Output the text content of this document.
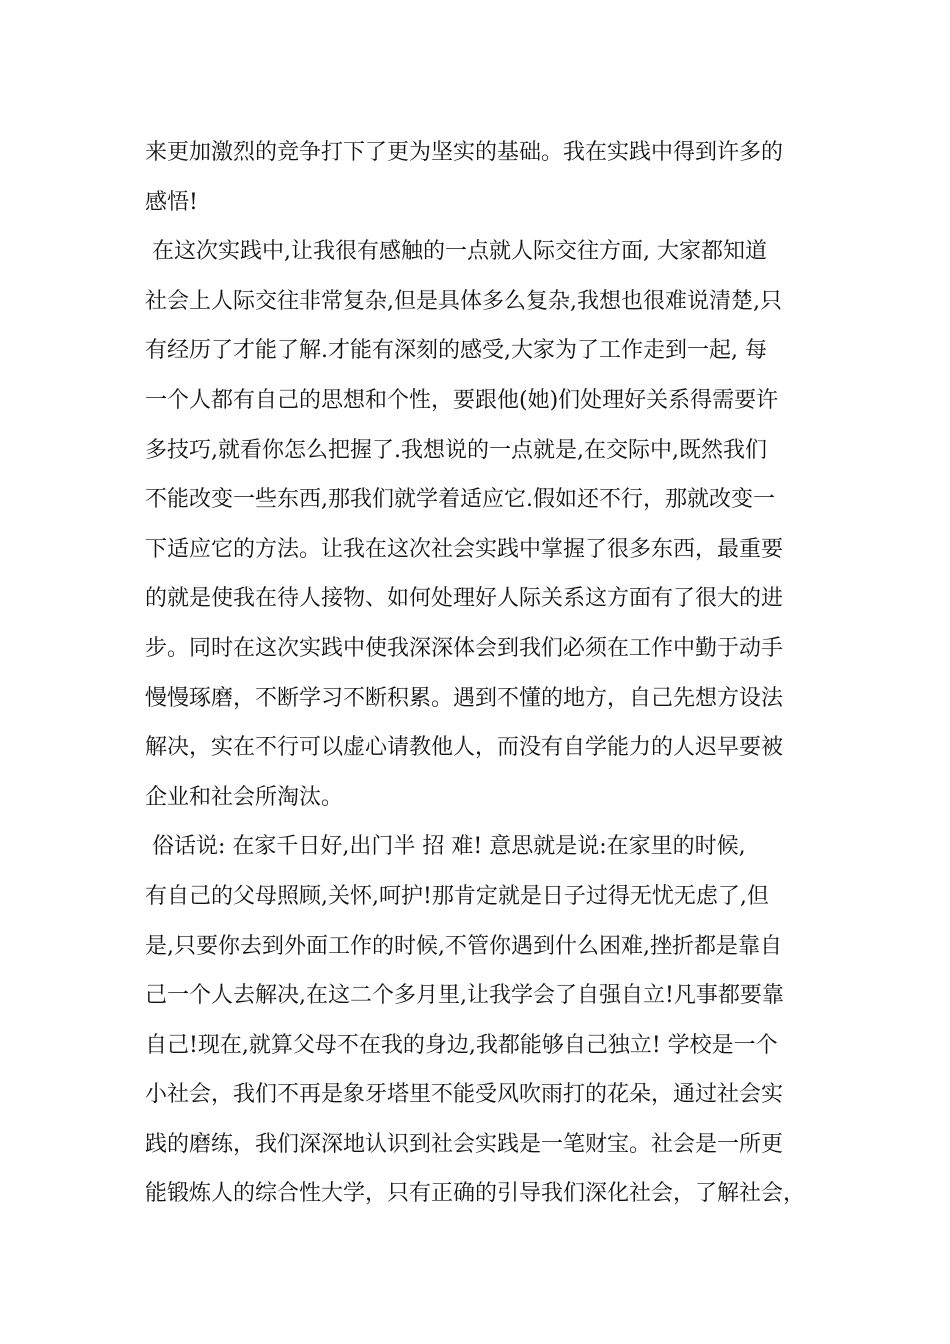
来更加激烈的竞争打下了更为坚实的基础。我在实践中得到许多的
感悟!
在这次实践中,让我很有感触的一点就人际交往方面, 大家都知道
社会上人际交往非常复杂,但是具体多么复杂,我想也很难说清楚,只
有经历了才能了解.才能有深刻的感受,大家为了工作走到一起, 每
一个人都有自己的思想和个性，要跟他(她)们处理好关系得需要许
多技巧,就看你怎么把握了.我想说的一点就是,在交际中,既然我们
不能改变一些东西,那我们就学着适应它.假如还不行，那就改变一
下适应它的方法。让我在这次社会实践中掌握了很多东西，最重要
的就是使我在待人接物、如何处理好人际关系这方面有了很大的进
步。同时在这次实践中使我深深体会到我们必须在工作中勤于动手
慢慢琢磨，不断学习不断积累。遇到不懂的地方，自己先想方设法
解决，实在不行可以虚心请教他人，而没有自学能力的人迟早要被
企业和社会所淘汰。
俗话说: 在家千日好,出门半 招 难! 意思就是说:在家里的时候,
有自己的父母照顾,关怀,呵护!那肯定就是日子过得无忧无虑了,但
是,只要你去到外面工作的时候,不管你遇到什么困难,挫折都是靠自
己一个人去解决,在这二个多月里,让我学会了自强自立!凡事都要靠
自己!现在,就算父母不在我的身边,我都能够自己独立! 学校是一个
小社会，我们不再是象牙塔里不能受风吹雨打的花朵，通过社会实
践的磨练，我们深深地认识到社会实践是一笔财宝。社会是一所更
能锻炼人的综合性大学，只有正确的引导我们深化社会，了解社会，
